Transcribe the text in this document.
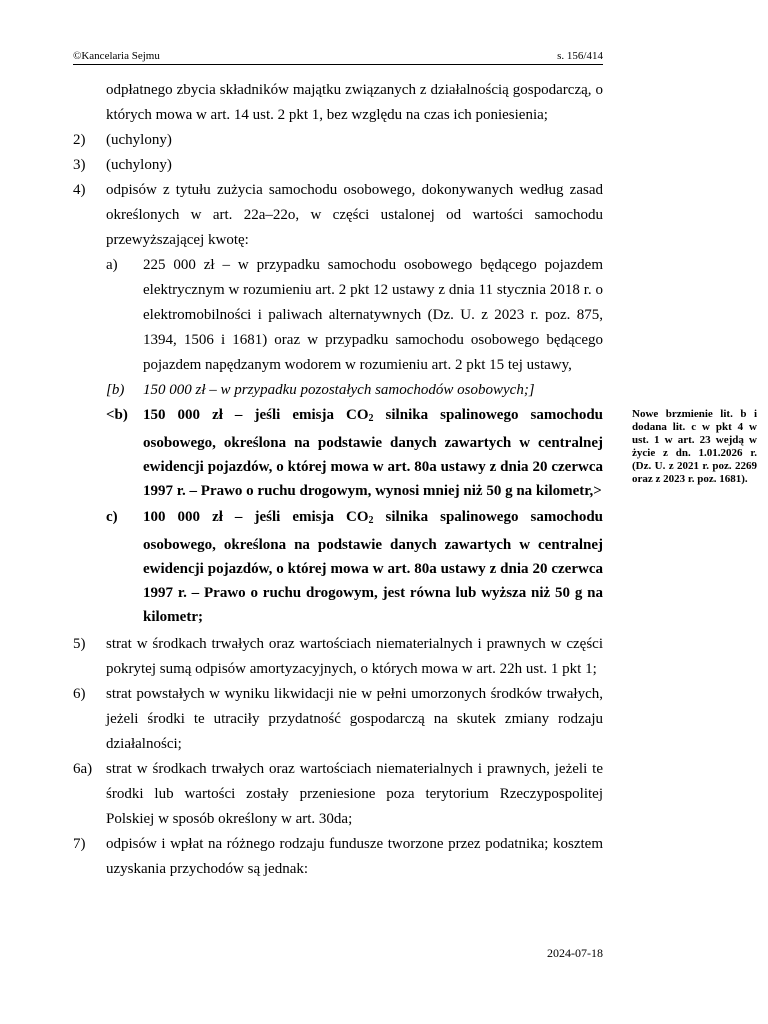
©Kancelaria Sejmu	s. 156/414
odpłatnego zbycia składników majątku związanych z działalnością gospodarczą, o których mowa w art. 14 ust. 2 pkt 1, bez względu na czas ich poniesienia;
2) (uchylony)
3) (uchylony)
4) odpisów z tytułu zużycia samochodu osobowego, dokonywanych według zasad określonych w art. 22a–22o, w części ustalonej od wartości samochodu przewyższającej kwotę:
a) 225 000 zł – w przypadku samochodu osobowego będącego pojazdem elektrycznym w rozumieniu art. 2 pkt 12 ustawy z dnia 11 stycznia 2018 r. o elektromobilności i paliwach alternatywnych (Dz. U. z 2023 r. poz. 875, 1394, 1506 i 1681) oraz w przypadku samochodu osobowego będącego pojazdem napędzanym wodorem w rozumieniu art. 2 pkt 15 tej ustawy,
[b) 150 000 zł – w przypadku pozostałych samochodów osobowych;]
<b) 150 000 zł – jeśli emisja CO2 silnika spalinowego samochodu osobowego, określona na podstawie danych zawartych w centralnej ewidencji pojazdów, o której mowa w art. 80a ustawy z dnia 20 czerwca 1997 r. – Prawo o ruchu drogowym, wynosi mniej niż 50 g na kilometr,>
c) 100 000 zł – jeśli emisja CO2 silnika spalinowego samochodu osobowego, określona na podstawie danych zawartych w centralnej ewidencji pojazdów, o której mowa w art. 80a ustawy z dnia 20 czerwca 1997 r. – Prawo o ruchu drogowym, jest równa lub wyższa niż 50 g na kilometr;
5) strat w środkach trwałych oraz wartościach niematerialnych i prawnych w części pokrytej sumą odpisów amortyzacyjnych, o których mowa w art. 22h ust. 1 pkt 1;
6) strat powstałych w wyniku likwidacji nie w pełni umorzonych środków trwałych, jeżeli środki te utraciły przydatność gospodarczą na skutek zmiany rodzaju działalności;
6a) strat w środkach trwałych oraz wartościach niematerialnych i prawnych, jeżeli te środki lub wartości zostały przeniesione poza terytorium Rzeczypospolitej Polskiej w sposób określony w art. 30da;
7) odpisów i wpłat na różnego rodzaju fundusze tworzone przez podatnika; kosztem uzyskania przychodów są jednak:
Nowe brzmienie lit. b i dodana lit. c w pkt 4 w ust. 1 w art. 23 wejdą w życie z dn. 1.01.2026 r. (Dz. U. z 2021 r. poz. 2269 oraz z 2023 r. poz. 1681).
2024-07-18
